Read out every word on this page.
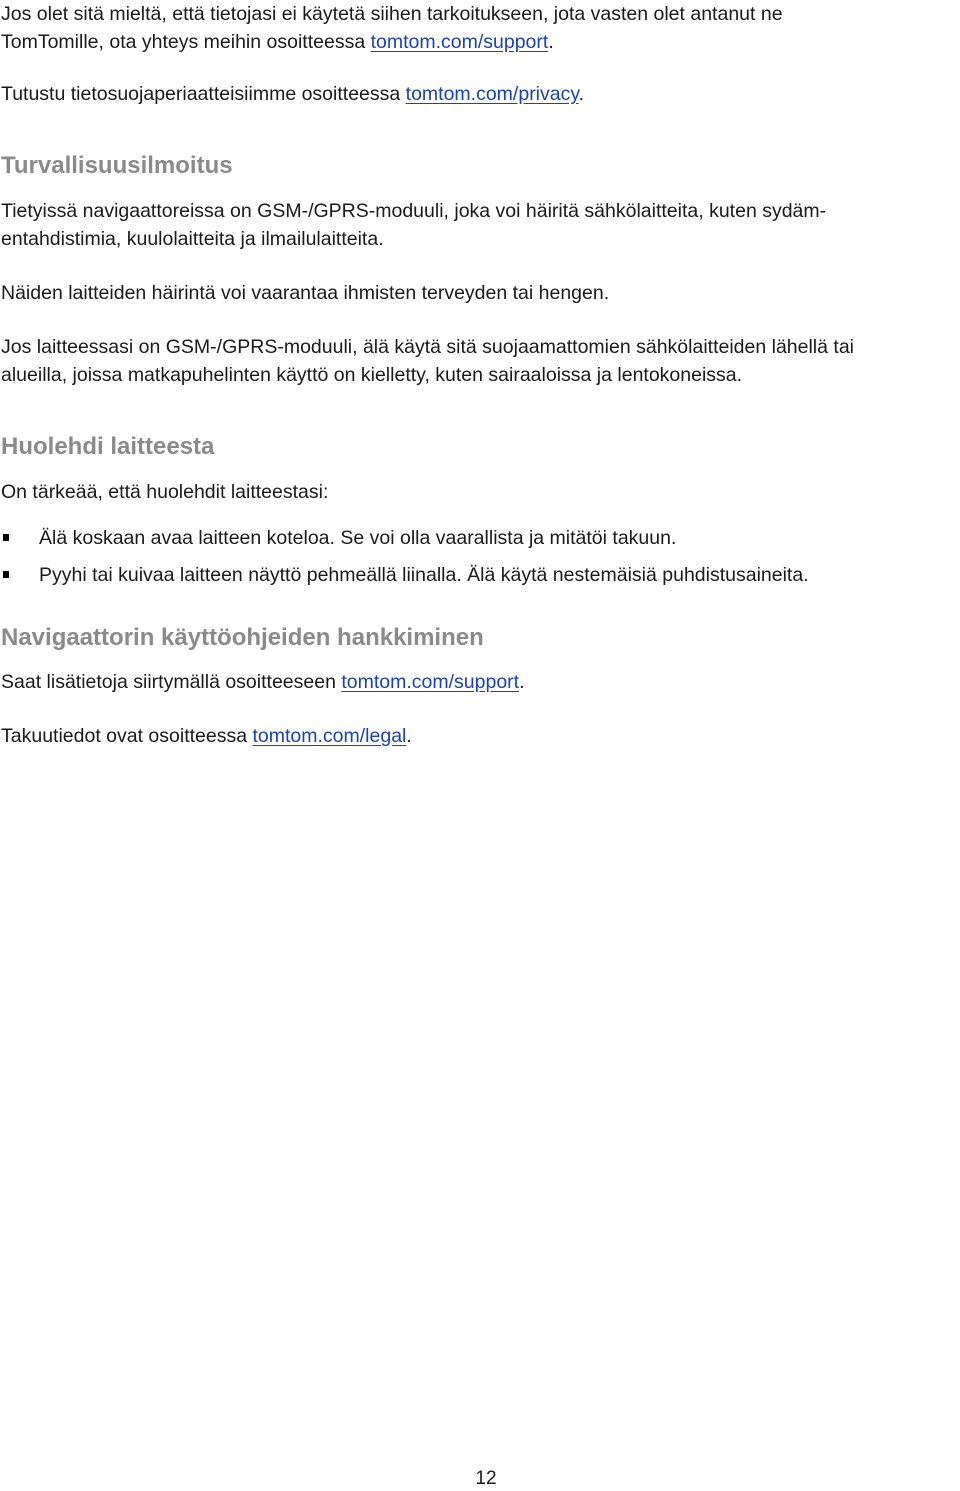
Jos olet sitä mieltä, että tietojasi ei käytetä siihen tarkoitukseen, jota vasten olet antanut ne
TomTomille, ota yhteys meihin osoitteessa tomtom.com/support.
Tutustu tietosuojaperiaatteisiimme osoitteessa tomtom.com/privacy.
Turvallisuusilmoitus
Tietyissä navigaattoreissa on GSM-/GPRS-moduuli, joka voi häiritä sähkölaitteita, kuten sydäm-
entahdistimia, kuulolaitteita ja ilmailulaitteita.
Näiden laitteiden häirintä voi vaarantaa ihmisten terveyden tai hengen.
Jos laitteessasi on GSM-/GPRS-moduuli, älä käytä sitä suojaamattomien sähkölaitteiden lähellä tai
alueilla, joissa matkapuhelinten käyttö on kielletty, kuten sairaaloissa ja lentokoneissa.
Huolehdi laitteesta
On tärkeää, että huolehdit laitteestasi:
Älä koskaan avaa laitteen koteloa. Se voi olla vaarallista ja mitätöi takuun.
Pyyhi tai kuivaa laitteen näyttö pehmeällä liinalla. Älä käytä nestemäisiä puhdistusaineita.
Navigaattorin käyttöohjeiden hankkiminen
Saat lisätietoja siirtymällä osoitteeseen tomtom.com/support.
Takuutiedot ovat osoitteessa tomtom.com/legal.
12
